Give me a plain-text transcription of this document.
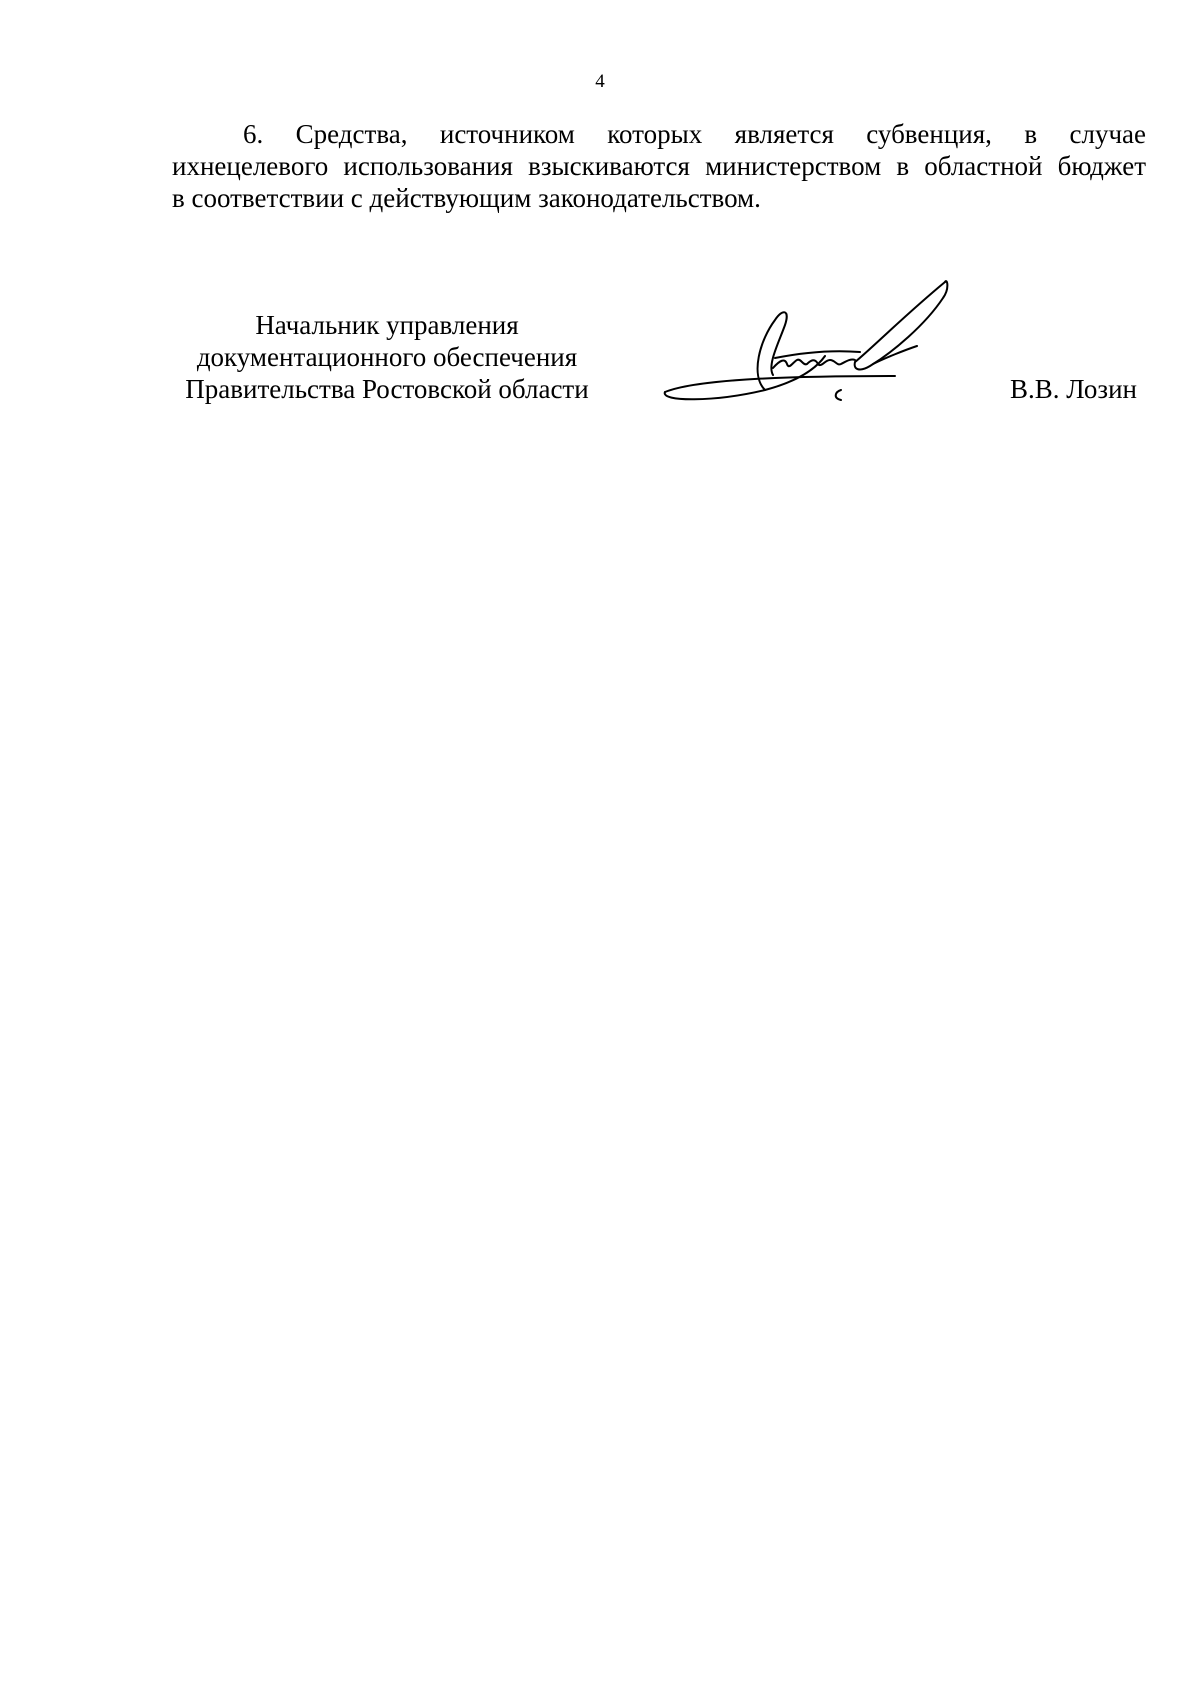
4
6. Средства, источником которых является субвенция, в случае
ихнецелевого использования взыскиваются министерством в областной бюджет
в соответствии с действующим законодательством.
Начальник управления
документационного обеспечения
Правительства Ростовской области	В.В. Лозин
